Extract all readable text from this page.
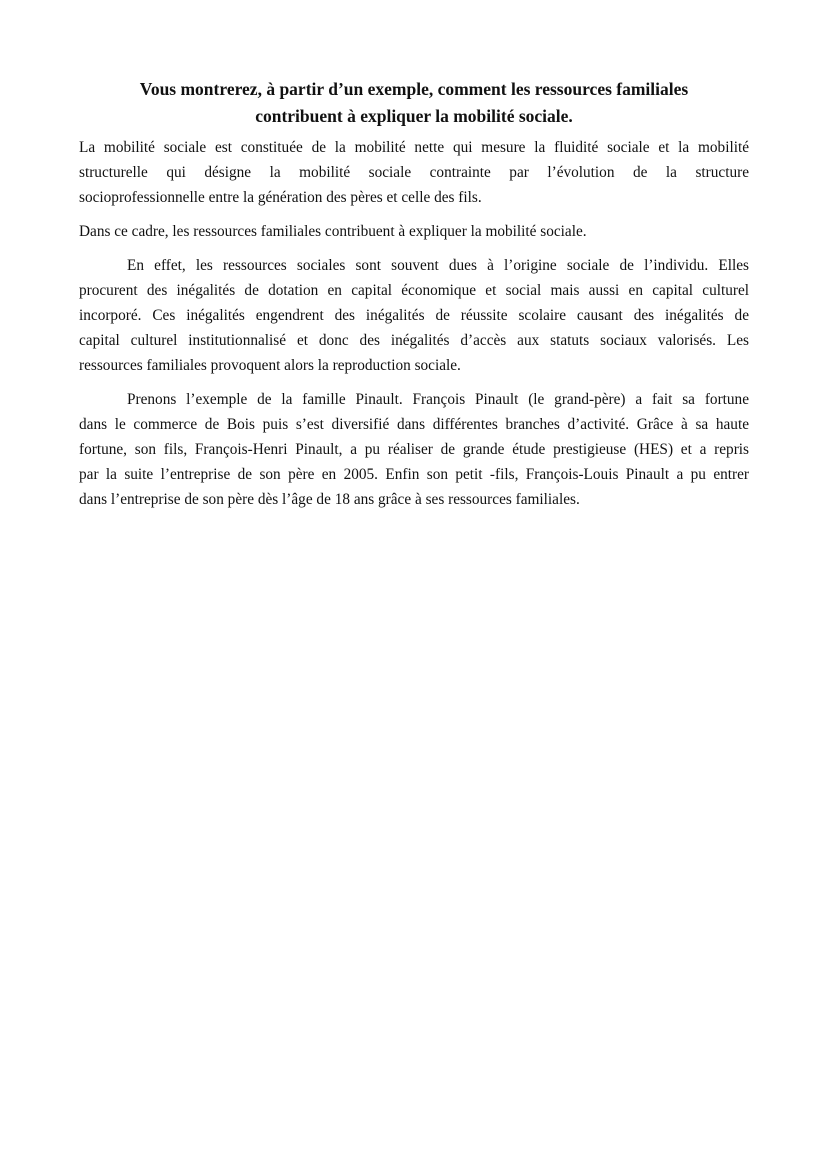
Vous montrerez, à partir d’un exemple, comment les ressources familiales
contribuent à expliquer la mobilité sociale.
La mobilité sociale est constituée de la mobilité nette qui mesure la fluidité sociale et la mobilité
structurelle qui désigne la mobilité sociale contrainte par l’évolution de la structure
socioprofessionnelle entre la génération des pères et celle des fils.
Dans ce cadre, les ressources familiales contribuent à expliquer la mobilité sociale.
En effet, les ressources sociales sont souvent dues à l’origine sociale de l’individu. Elles
procurent des inégalités de dotation en capital économique et social mais aussi en capital culturel
incorporé. Ces inégalités engendrent des inégalités de réussite scolaire causant des inégalités de
capital culturel institutionnalisé et donc des inégalités d’accès aux statuts sociaux valorisés. Les
ressources familiales provoquent alors la reproduction sociale.
Prenons l’exemple de la famille Pinault. François Pinault (le grand-père) a fait sa fortune
dans le commerce de Bois puis s’est diversifié dans différentes branches d’activité. Grâce à sa haute
fortune, son fils, François-Henri Pinault, a pu réaliser de grande étude prestigieuse (HES) et a repris
par la suite l’entreprise de son père en 2005. Enfin son petit -fils, François-Louis Pinault a pu entrer
dans l’entreprise de son père dès l’âge de 18 ans grâce à ses ressources familiales.
